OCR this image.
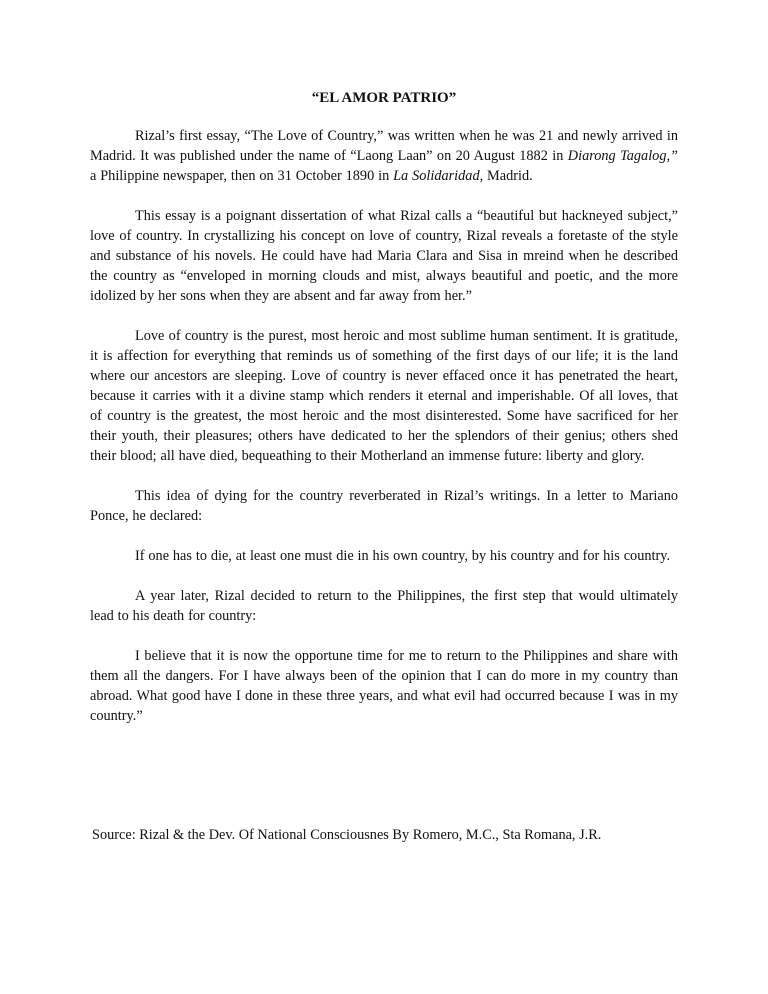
“EL AMOR PATRIO”

Rizal’s first essay, “The Love of Country,” was written when he was 21 and newly arrived in Madrid. It was published under the name of “Laong Laan” on 20 August 1882 in Diarong Tagalog,” a Philippine newspaper, then on 31 October 1890 in La Solidaridad, Madrid.

This essay is a poignant dissertation of what Rizal calls a “beautiful but hackneyed subject,” love of country. In crystallizing his concept on love of country, Rizal reveals a foretaste of the style and substance of his novels. He could have had Maria Clara and Sisa in mreind when he described the country as “enveloped in morning clouds and mist, always beautiful and poetic, and the more idolized by her sons when they are absent and far away from her.”

Love of country is the purest, most heroic and most sublime human sentiment. It is gratitude, it is affection for everything that reminds us of something of the first days of our life; it is the land where our ancestors are sleeping. Love of country is never effaced once it has penetrated the heart, because it carries with it a divine stamp which renders it eternal and imperishable. Of all loves, that of country is the greatest, the most heroic and the most disinterested. Some have sacrificed for her their youth, their pleasures; others have dedicated to her the splendors of their genius; others shed their blood; all have died, bequeathing to their Motherland an immense future: liberty and glory.

This idea of dying for the country reverberated in Rizal’s writings. In a letter to Mariano Ponce, he declared:

If one has to die, at least one must die in his own country, by his country and for his country.

A year later, Rizal decided to return to the Philippines, the first step that would ultimately lead to his death for country:

I believe that it is now the opportune time for me to return to the Philippines and share with them all the dangers. For I have always been of the opinion that I can do more in my country than abroad. What good have I done in these three years, and what evil had occurred because I was in my country.”

Source: Rizal & the Dev. Of National Consciousnes By Romero, M.C., Sta Romana, J.R.
